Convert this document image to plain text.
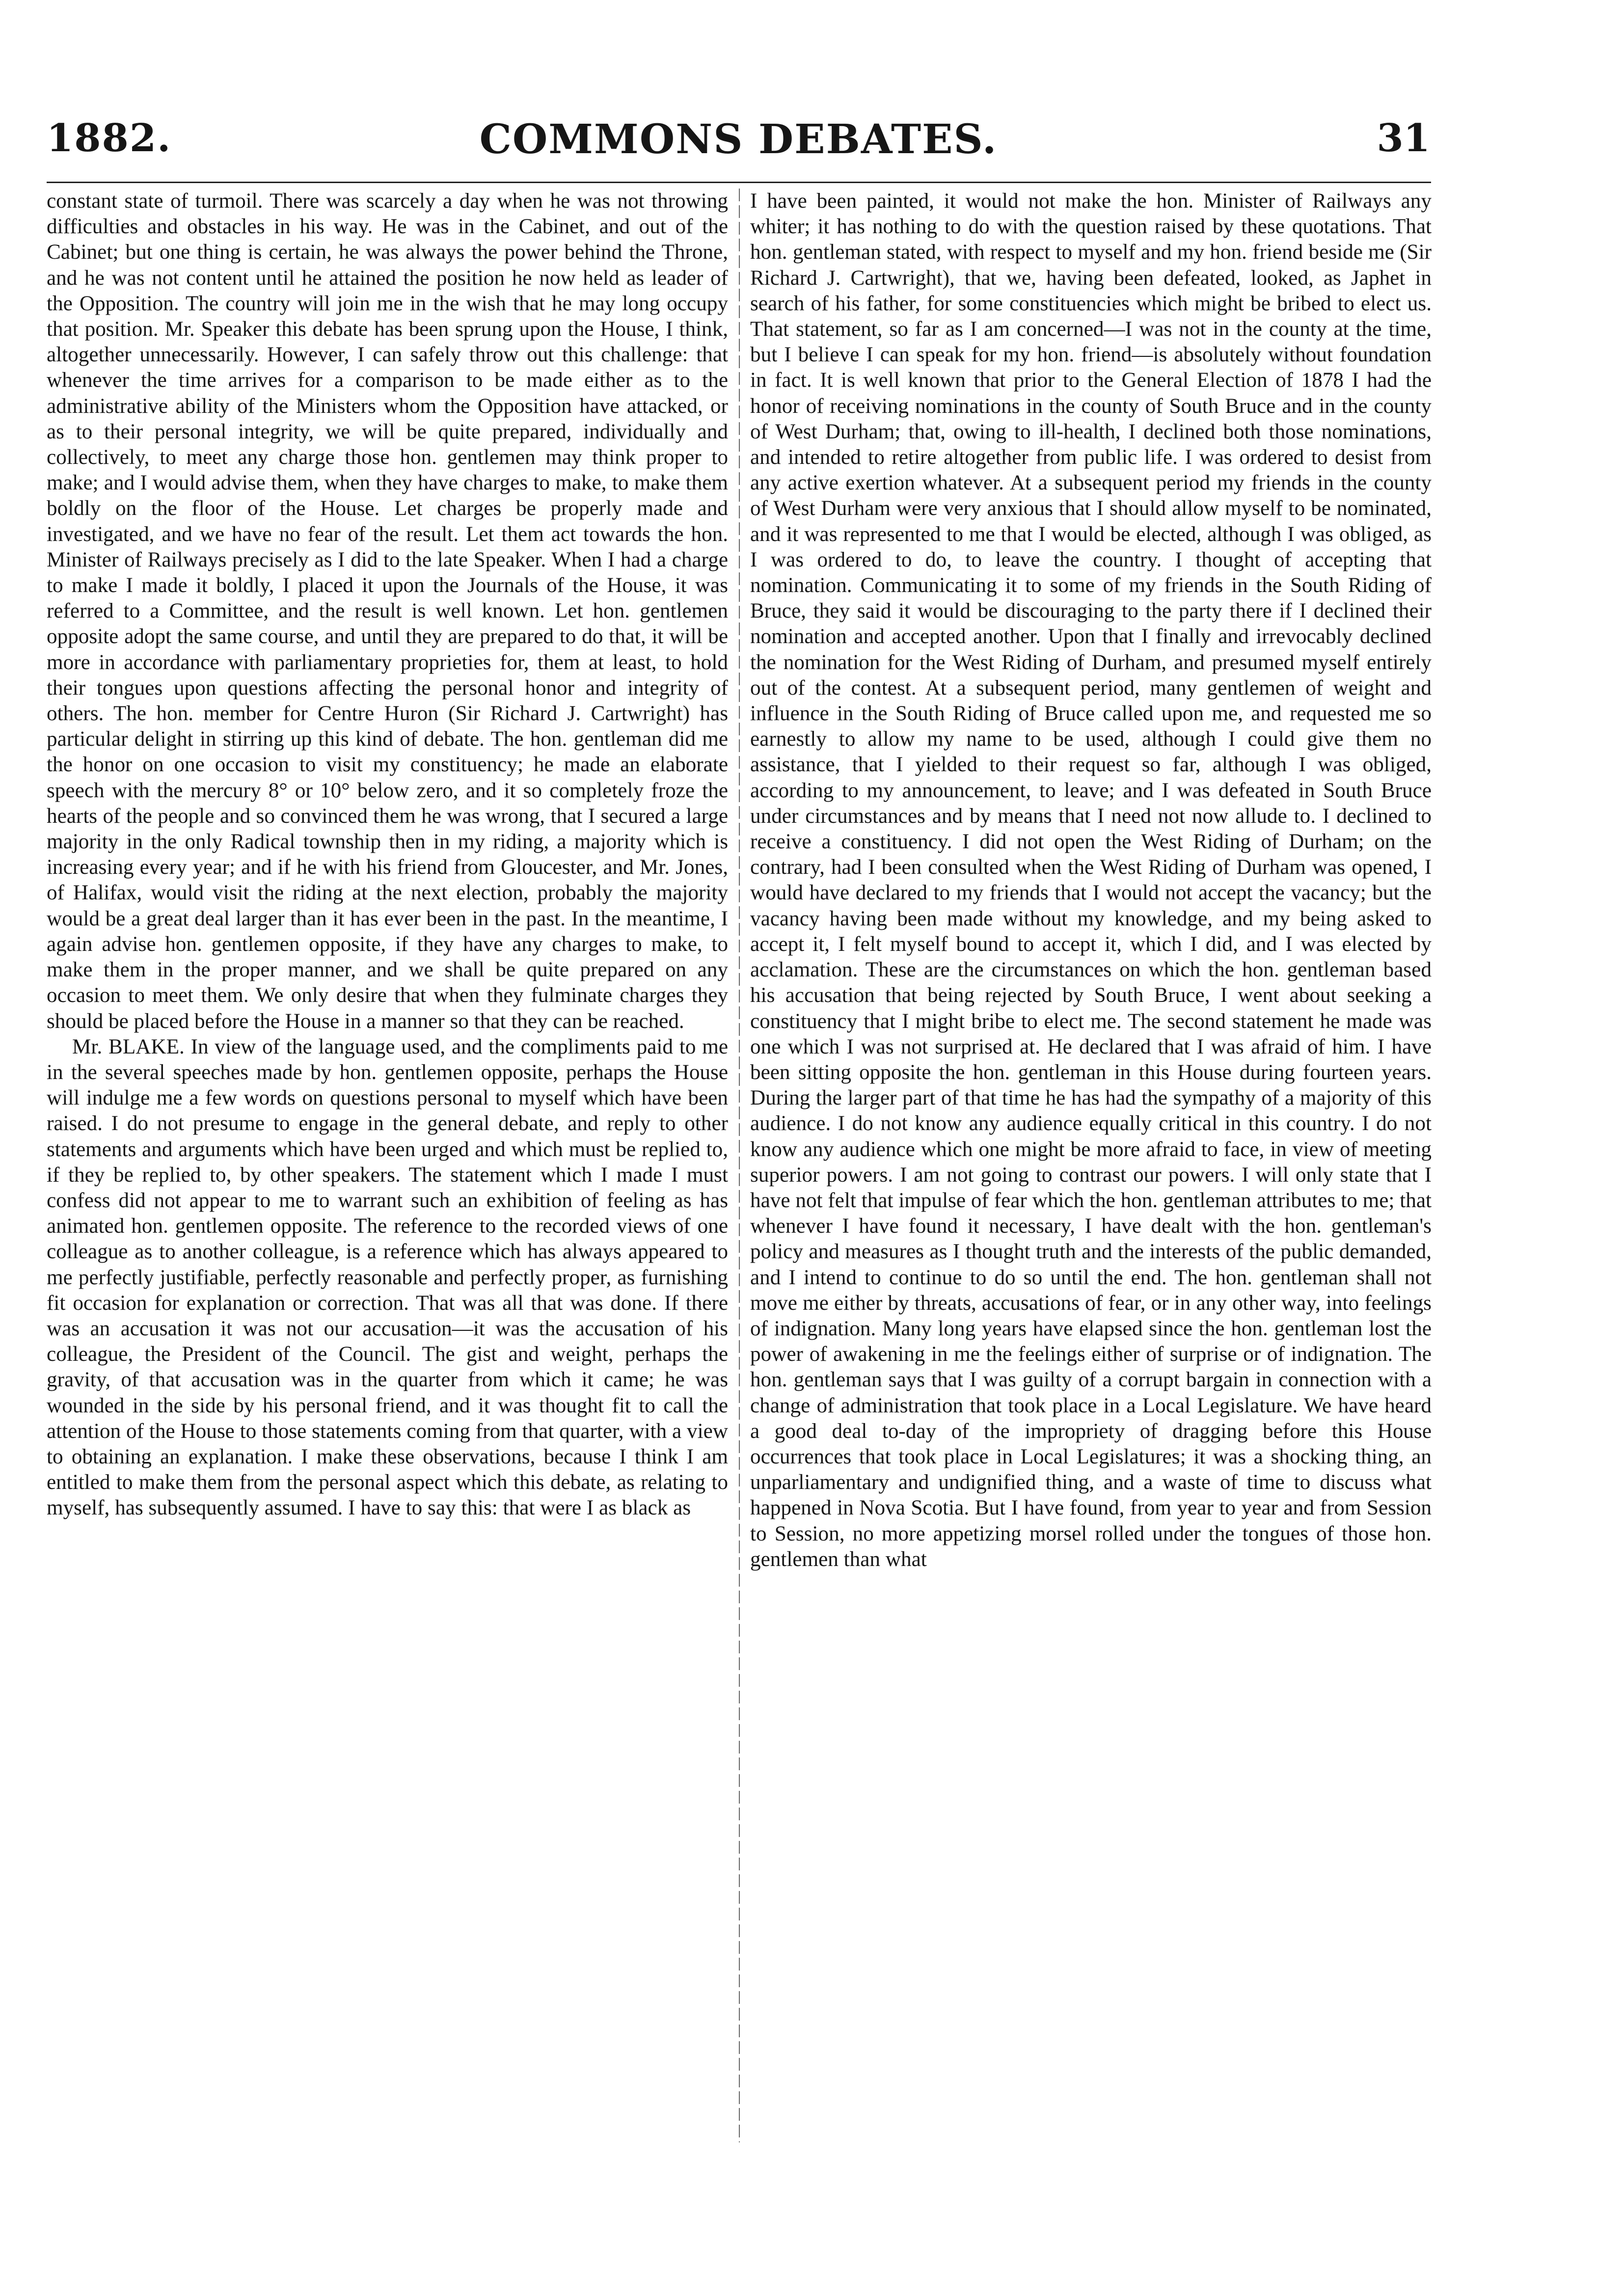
1882.	COMMONS DEBATES.	31

constant state of turmoil. There was scarcely a day when he was not throwing difficulties and obstacles in his way. He was in the Cabinet, and out of the Cabinet; but one thing is certain, he was always the power behind the Throne, and he was not content until he attained the position he now held as leader of the Opposition. The country will join me in the wish that he may long occupy that position. Mr. Speaker this debate has been sprung upon the House, I think, altogether unnecessarily. However, I can safely throw out this challenge: that whenever the time arrives for a comparison to be made either as to the administrative ability of the Ministers whom the Opposition have attacked, or as to their personal integrity, we will be quite prepared, individually and collectively, to meet any charge those hon. gentlemen may think proper to make; and I would advise them, when they have charges to make, to make them boldly on the floor of the House. Let charges be properly made and investigated, and we have no fear of the result. Let them act towards the hon. Minister of Railways precisely as I did to the late Speaker. When I had a charge to make I made it boldly, I placed it upon the Journals of the House, it was referred to a Committee, and the result is well known. Let hon. gentlemen opposite adopt the same course, and until they are prepared to do that, it will be more in accordance with parliamentary proprieties for, them at least, to hold their tongues upon questions affecting the personal honor and integrity of others. The hon. member for Centre Huron (Sir Richard J. Cartwright) has particular delight in stirring up this kind of debate. The hon. gentleman did me the honor on one occasion to visit my constituency; he made an elaborate speech with the mercury 8° or 10° below zero, and it so completely froze the hearts of the people and so convinced them he was wrong, that I secured a large majority in the only Radical township then in my riding, a majority which is increasing every year; and if he with his friend from Gloucester, and Mr. Jones, of Halifax, would visit the riding at the next election, probably the majority would be a great deal larger than it has ever been in the past. In the meantime, I again advise hon. gentlemen opposite, if they have any charges to make, to make them in the proper manner, and we shall be quite prepared on any occasion to meet them. We only desire that when they fulminate charges they should be placed before the House in a manner so that they can be reached.

Mr. BLAKE. In view of the language used, and the compliments paid to me in the several speeches made by hon. gentlemen opposite, perhaps the House will indulge me a few words on questions personal to myself which have been raised. I do not presume to engage in the general debate, and reply to other statements and arguments which have been urged and which must be replied to, if they be replied to, by other speakers. The statement which I made I must confess did not appear to me to warrant such an exhibition of feeling as has animated hon. gentlemen opposite. The reference to the recorded views of one colleague as to another colleague, is a reference which has always appeared to me perfectly justifiable, perfectly reasonable and perfectly proper, as furnishing fit occasion for explanation or correction. That was all that was done. If there was an accusation it was not our accusation—it was the accusation of his colleague, the President of the Council. The gist and weight, perhaps the gravity, of that accusation was in the quarter from which it came; he was wounded in the side by his personal friend, and it was thought fit to call the attention of the House to those statements coming from that quarter, with a view to obtaining an explanation. I make these observations, because I think I am entitled to make them from the personal aspect which this debate, as relating to myself, has subsequently assumed. I have to say this: that were I as black as

I have been painted, it would not make the hon. Minister of Railways any whiter; it has nothing to do with the question raised by these quotations. That hon. gentleman stated, with respect to myself and my hon. friend beside me (Sir Richard J. Cartwright), that we, having been defeated, looked, as Japhet in search of his father, for some constituencies which might be bribed to elect us. That statement, so far as I am concerned—I was not in the county at the time, but I believe I can speak for my hon. friend—is absolutely without foundation in fact. It is well known that prior to the General Election of 1878 I had the honor of receiving nominations in the county of South Bruce and in the county of West Durham; that, owing to ill-health, I declined both those nominations, and intended to retire altogether from public life. I was ordered to desist from any active exertion whatever. At a subsequent period my friends in the county of West Durham were very anxious that I should allow myself to be nominated, and it was represented to me that I would be elected, although I was obliged, as I was ordered to do, to leave the country. I thought of accepting that nomination. Communicating it to some of my friends in the South Riding of Bruce, they said it would be discouraging to the party there if I declined their nomination and accepted another. Upon that I finally and irrevocably declined the nomination for the West Riding of Durham, and presumed myself entirely out of the contest. At a subsequent period, many gentlemen of weight and influence in the South Riding of Bruce called upon me, and requested me so earnestly to allow my name to be used, although I could give them no assistance, that I yielded to their request so far, although I was obliged, according to my announcement, to leave; and I was defeated in South Bruce under circumstances and by means that I need not now allude to. I declined to receive a constituency. I did not open the West Riding of Durham; on the contrary, had I been consulted when the West Riding of Durham was opened, I would have declared to my friends that I would not accept the vacancy; but the vacancy having been made without my knowledge, and my being asked to accept it, I felt myself bound to accept it, which I did, and I was elected by acclamation. These are the circumstances on which the hon. gentleman based his accusation that being rejected by South Bruce, I went about seeking a constituency that I might bribe to elect me. The second statement he made was one which I was not surprised at. He declared that I was afraid of him. I have been sitting opposite the hon. gentleman in this House during fourteen years. During the larger part of that time he has had the sympathy of a majority of this audience. I do not know any audience equally critical in this country. I do not know any audience which one might be more afraid to face, in view of meeting superior powers. I am not going to contrast our powers. I will only state that I have not felt that impulse of fear which the hon. gentleman attributes to me; that whenever I have found it necessary, I have dealt with the hon. gentleman's policy and measures as I thought truth and the interests of the public demanded, and I intend to continue to do so until the end. The hon. gentleman shall not move me either by threats, accusations of fear, or in any other way, into feelings of indignation. Many long years have elapsed since the hon. gentleman lost the power of awakening in me the feelings either of surprise or of indignation. The hon. gentleman says that I was guilty of a corrupt bargain in connection with a change of administration that took place in a Local Legislature. We have heard a good deal to-day of the impropriety of dragging before this House occurrences that took place in Local Legislatures; it was a shocking thing, an unparliamentary and undignified thing, and a waste of time to discuss what happened in Nova Scotia. But I have found, from year to year and from Session to Session, no more appetizing morsel rolled under the tongues of those hon. gentlemen than what
